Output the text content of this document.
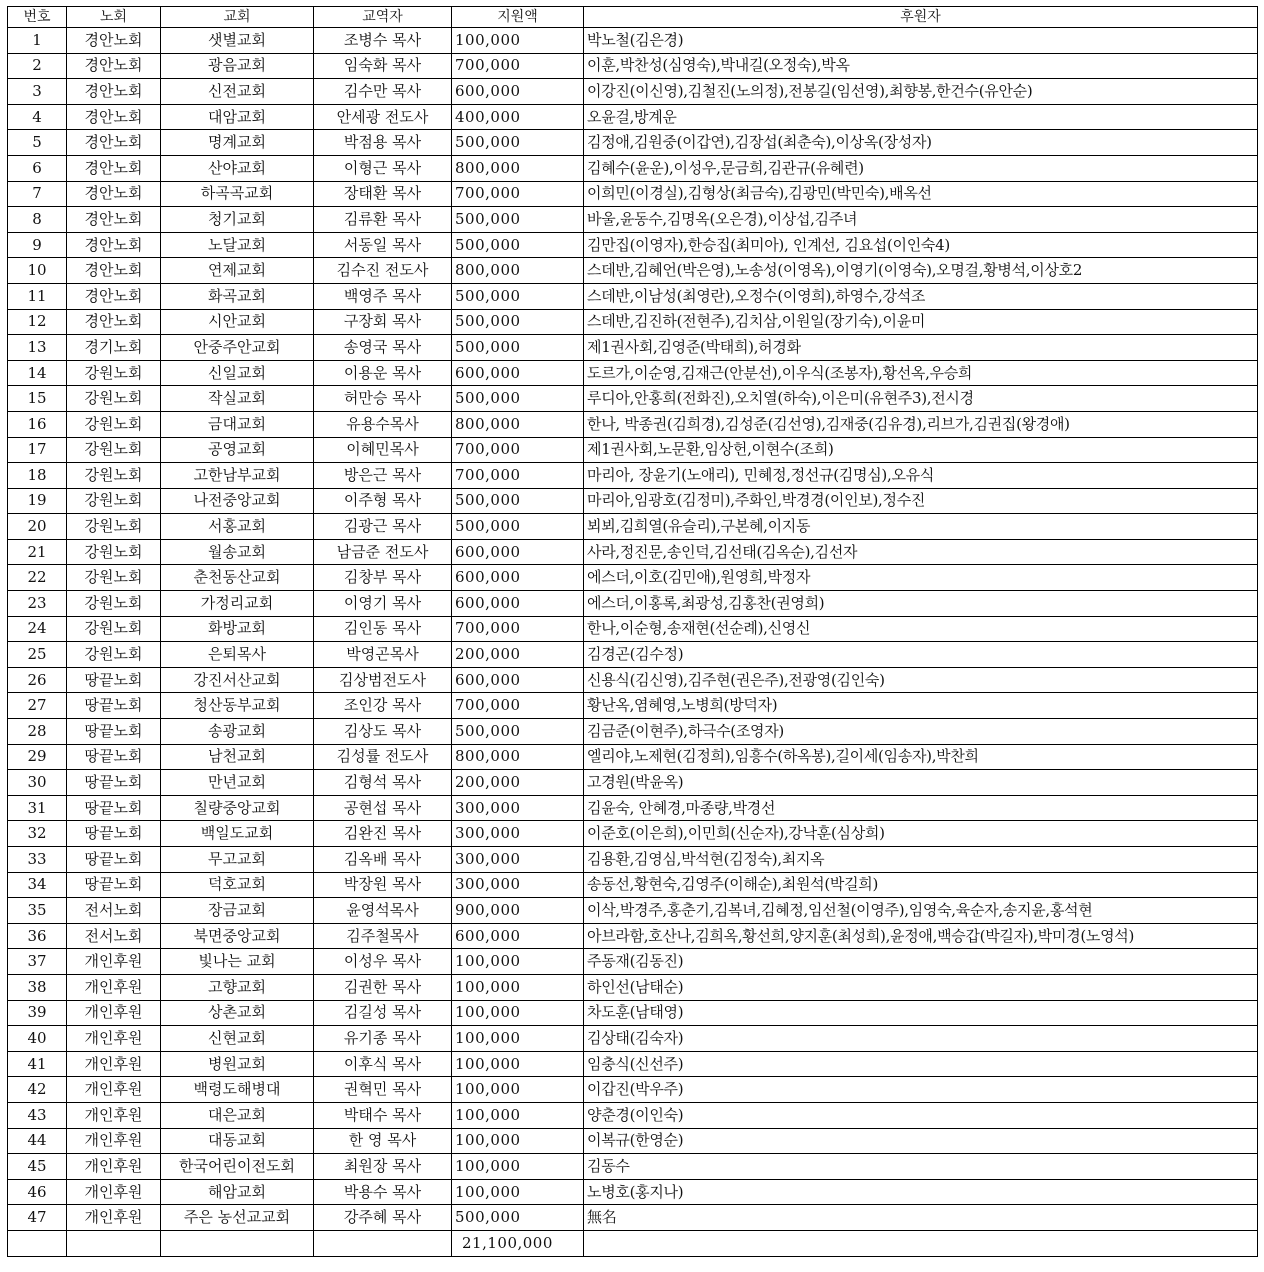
번호	노회	교회	교역자	지원액	후원자
1	경안노회	샛별교회	조병수 목사	100,000	박노철(김은경)
2	경안노회	광음교회	임숙화 목사	700,000	이훈,박찬성(심영숙),박내길(오정숙),박옥
3	경안노회	신전교회	김수만 목사	600,000	이강진(이신영),김철진(노의정),전봉길(임선영),최향봉,한건수(유안순)
4	경안노회	대암교회	안세광 전도사	400,000	오윤걸,방계운
5	경안노회	명계교회	박점용 목사	500,000	김정애,김원중(이갑연),김장섭(최춘숙),이상옥(장성자)
6	경안노회	산야교회	이형근 목사	800,000	김혜수(윤운),이성우,문금희,김관규(유혜련)
7	경안노회	하곡곡교회	장태환 목사	700,000	이희민(이경실),김형상(최금숙),김광민(박민숙),배옥선
8	경안노회	청기교회	김류환 목사	500,000	바울,윤동수,김명옥(오은경),이상섭,김주녀
9	경안노회	노달교회	서동일 목사	500,000	김만집(이영자),한승집(최미아), 인계선, 김요섭(이인숙4)
10	경안노회	연제교회	김수진 전도사	800,000	스데반,김혜언(박은영),노송성(이영옥),이영기(이영숙),오명걸,황병석,이상호2
11	경안노회	화곡교회	백영주 목사	500,000	스데반,이남성(최영란),오정수(이영희),하영수,강석조
12	경안노회	시안교회	구장회 목사	500,000	스데반,김진하(전현주),김치삼,이원일(장기숙),이윤미
13	경기노회	안중주안교회	송영국 목사	500,000	제1권사회,김영준(박태희),허경화
14	강원노회	신일교회	이용운 목사	600,000	도르가,이순영,김재근(안분선),이우식(조봉자),황선옥,우승희
15	강원노회	작실교회	허만승 목사	500,000	루디아,안홍희(전화진),오치열(하숙),이은미(유현주3),전시경
16	강원노회	금대교회	유용수목사	800,000	한나, 박종권(김희경),김성준(김선영),김재중(김유경),리브가,김권집(왕경애)
17	강원노회	공영교회	이혜민목사	700,000	제1권사회,노문환,임상헌,이현수(조희)
18	강원노회	고한남부교회	방은근 목사	700,000	마리아, 장윤기(노애리), 민혜정,정선규(김명심),오유식
19	강원노회	나전중앙교회	이주형 목사	500,000	마리아,임광호(김정미),주화인,박경경(이인보),정수진
20	강원노회	서홍교회	김광근 목사	500,000	뵈뵈,김희열(유슬리),구본혜,이지동
21	강원노회	월송교회	남금준 전도사	600,000	사라,정진문,송인덕,김선태(김옥순),김선자
22	강원노회	춘천동산교회	김창부 목사	600,000	에스더,이호(김민애),원영희,박정자
23	강원노회	가정리교회	이영기 목사	600,000	에스더,이홍록,최광성,김홍찬(권영희)
24	강원노회	화방교회	김인동 목사	700,000	한나,이순형,송재현(선순례),신영신
25	강원노회	은퇴목사	박영곤목사	200,000	김경곤(김수정)
26	땅끝노회	강진서산교회	김상범전도사	600,000	신용식(김신영),김주현(권은주),전광영(김인숙)
27	땅끝노회	청산동부교회	조인강 목사	700,000	황난옥,염혜영,노병희(방덕자)
28	땅끝노회	송광교회	김상도 목사	500,000	김금준(이현주),하극수(조영자)
29	땅끝노회	남천교회	김성률 전도사	800,000	엘리야,노제현(김정희),임흥수(하옥봉),길이세(임송자),박찬희
30	땅끝노회	만년교회	김형석 목사	200,000	고경원(박윤옥)
31	땅끝노회	칠량중앙교회	공현섭 목사	300,000	김윤숙, 안혜경,마종량,박경선
32	땅끝노회	백일도교회	김완진 목사	300,000	이준호(이은희),이민희(신순자),강낙훈(심상희)
33	땅끝노회	무고교회	김옥배 목사	300,000	김용환,김영심,박석현(김정숙),최지옥
34	땅끝노회	덕호교회	박장원 목사	300,000	송동선,황현숙,김영주(이해순),최원석(박길희)
35	전서노회	장금교회	윤영석목사	900,000	이삭,박경주,홍춘기,김복녀,김혜정,임선철(이영주),임영숙,육순자,송지윤,홍석현
36	전서노회	북면중앙교회	김주철목사	600,000	아브라함,호산나,김희옥,황선희,양지훈(최성희),윤정애,백승갑(박길자),박미경(노영석)
37	개인후원	빛나는 교회	이성우 목사	100,000	주동재(김동진)
38	개인후원	고향교회	김권한 목사	100,000	하인선(남태순)
39	개인후원	상촌교회	김길성 목사	100,000	차도훈(남태영)
40	개인후원	신현교회	유기종 목사	100,000	김상태(김숙자)
41	개인후원	병원교회	이후식 목사	100,000	임충식(신선주)
42	개인후원	백령도해병대	권혁민 목사	100,000	이갑진(박우주)
43	개인후원	대은교회	박태수 목사	100,000	양춘경(이인숙)
44	개인후원	대동교회	한 영 목사	100,000	이복규(한영순)
45	개인후원	한국어린이전도회	최원장 목사	100,000	김동수
46	개인후원	해암교회	박용수 목사	100,000	노병호(홍지나)
47	개인후원	주은 농선교교회	강주혜 목사	500,000	無名
				21,100,000	
